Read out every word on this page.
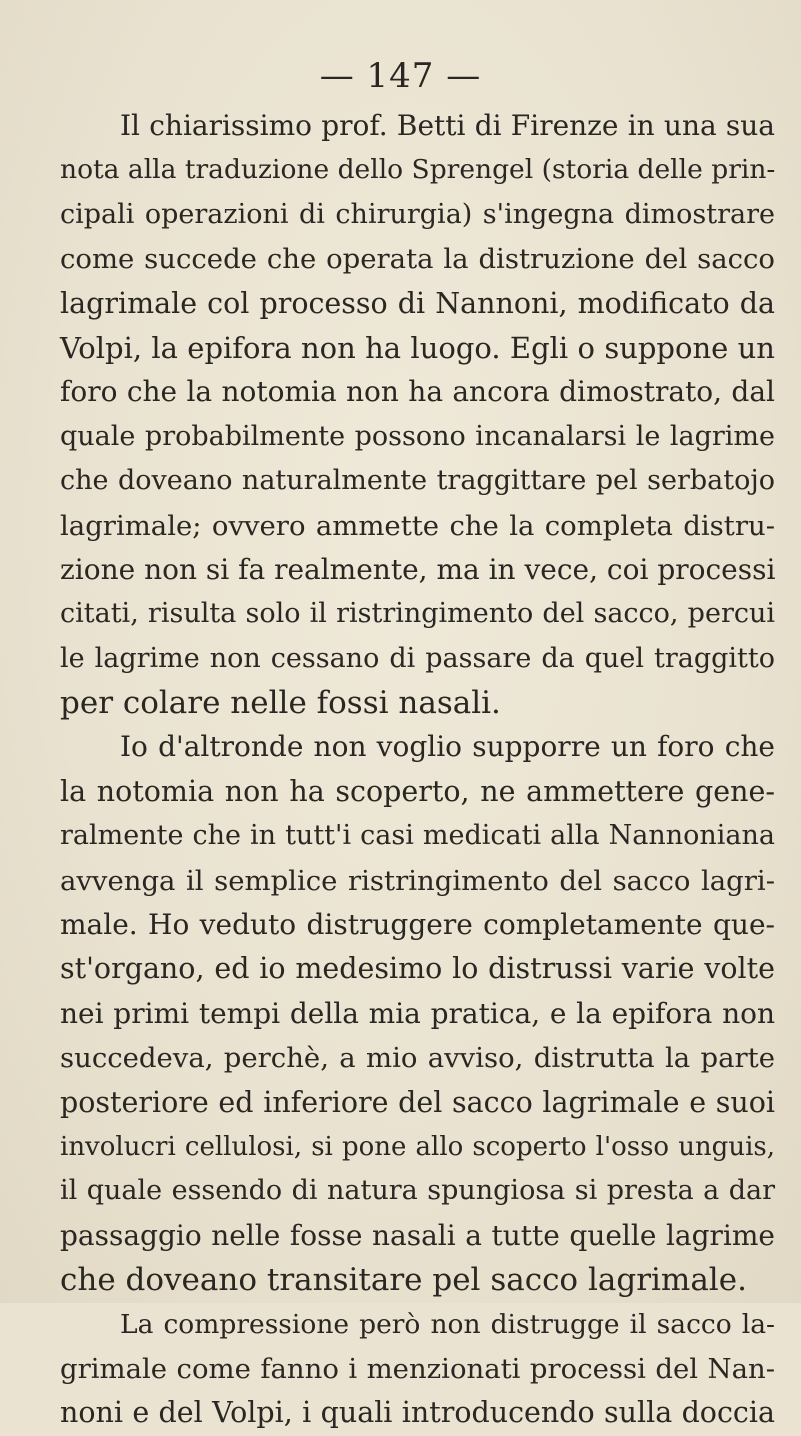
— 147 —
Il chiarissimo prof. Betti di Firenze in una sua
nota alla traduzione dello Sprengel (storia delle prin-
cipali operazioni di chirurgia) s'ingegna dimostrare
come succede che operata la distruzione del sacco
lagrimale col processo di Nannoni, modificato da
Volpi, la epifora non ha luogo. Egli o suppone un
foro che la notomia non ha ancora dimostrato, dal
quale probabilmente possono incanalarsi le lagrime
che doveano naturalmente traggittare pel serbatojo
lagrimale; ovvero ammette che la completa distru-
zione non si fa realmente, ma in vece, coi processi
citati, risulta solo il ristringimento del sacco, percui
le lagrime non cessano di passare da quel traggitto
per colare nelle fossi nasali.
Io d'altronde non voglio supporre un foro che
la notomia non ha scoperto, ne ammettere gene-
ralmente che in tutt'i casi medicati alla Nannoniana
avvenga il semplice ristringimento del sacco lagri-
male. Ho veduto distruggere completamente que-
st'organo, ed io medesimo lo distrussi varie volte
nei primi tempi della mia pratica, e la epifora non
succedeva, perchè, a mio avviso, distrutta la parte
posteriore ed inferiore del sacco lagrimale e suoi
involucri cellulosi, si pone allo scoperto l'osso unguis,
il quale essendo di natura spungiosa si presta a dar
passaggio nelle fosse nasali a tutte quelle lagrime
che doveano transitare pel sacco lagrimale.
La compressione però non distrugge il sacco la-
grimale come fanno i menzionati processi del Nan-
noni e del Volpi, i quali introducendo sulla doccia
